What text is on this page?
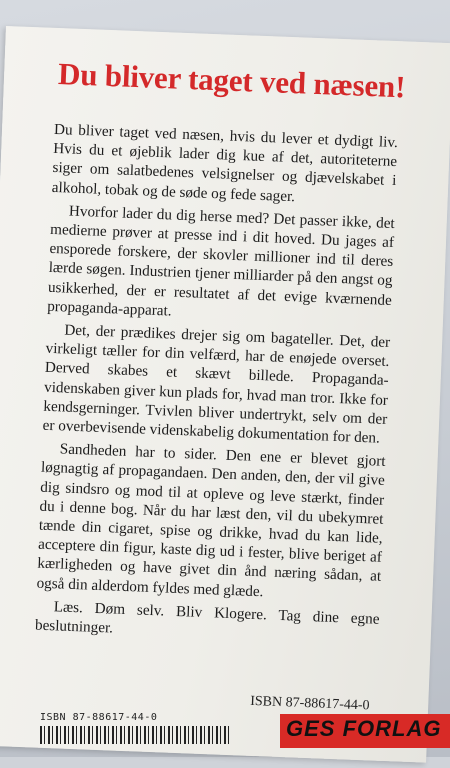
Du bliver taget ved næsen!

Du bliver taget ved næsen, hvis du lever et dydigt liv. Hvis du et øjeblik lader dig kue af det, autoriteterne siger om salatbedenes velsignelser og djævelskabet i alkohol, tobak og de søde og fede sager.

Hvorfor lader du dig herse med? Det passer ikke, det medierne prøver at presse ind i dit hoved. Du jages af ensporede forskere, der skovler millioner ind til deres lærde søgen. Industrien tjener milliarder på den angst og usikkerhed, der er resultatet af det evige kværnende propaganda-apparat.

Det, der prædikes drejer sig om bagateller. Det, der virkeligt tæller for din velfærd, har de enøjede overset. Derved skabes et skævt billede. Propaganda-videnskaben giver kun plads for, hvad man tror. Ikke for kendsgerninger. Tvivlen bliver undertrykt, selv om der er overbevisende videnskabelig dokumentation for den.

Sandheden har to sider. Den ene er blevet gjort løgnagtig af propagandaen. Den anden, den, der vil give dig sindsro og mod til at opleve og leve stærkt, finder du i denne bog. Når du har læst den, vil du ubekymret tænde din cigaret, spise og drikke, hvad du kan lide, acceptere din figur, kaste dig ud i fester, blive beriget af kærligheden og have givet din ånd næring sådan, at også din alderdom fyldes med glæde.

Læs. Døm selv. Bliv Klogere. Tag dine egne beslutninger.

ISBN 87-88617-44-0
ISBN 87-88617-44-0	GES FORLAG
